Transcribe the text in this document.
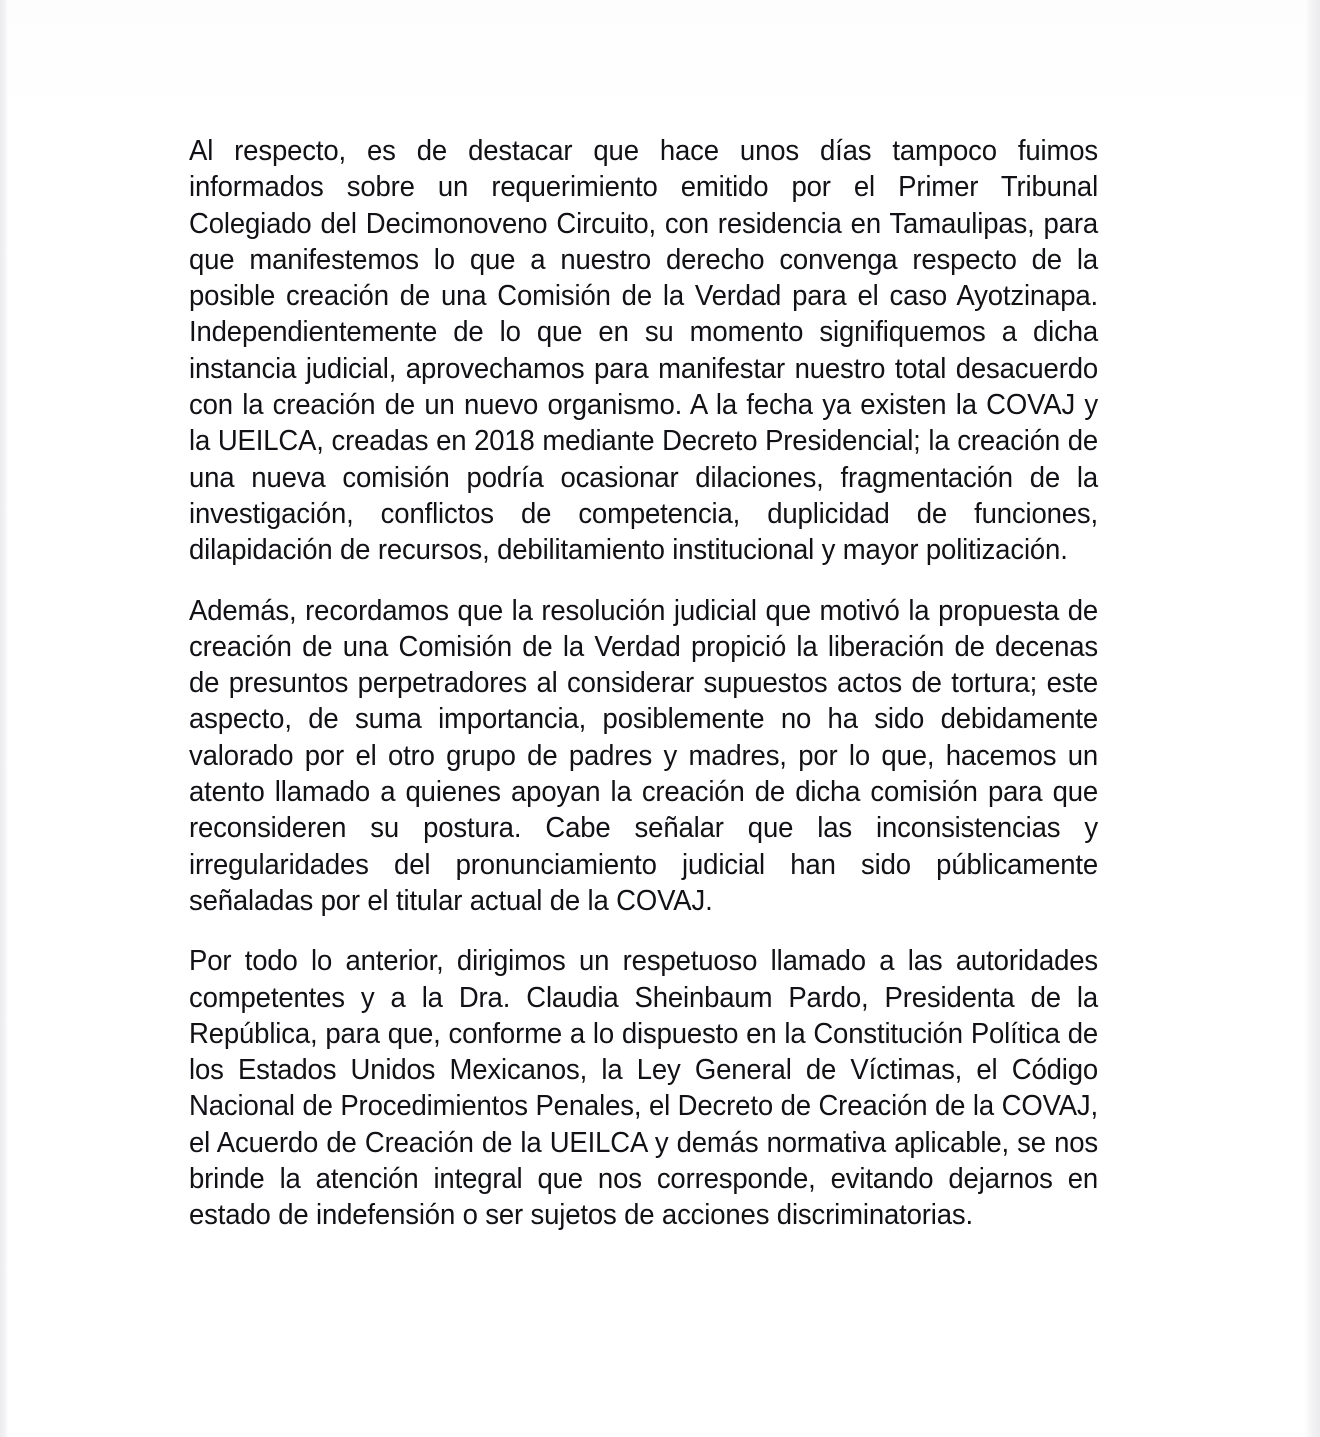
Al respecto, es de destacar que hace unos días tampoco fuimos informados sobre un requerimiento emitido por el Primer Tribunal Colegiado del Decimonoveno Circuito, con residencia en Tamaulipas, para que manifestemos lo que a nuestro derecho convenga respecto de la posible creación de una Comisión de la Verdad para el caso Ayotzinapa. Independientemente de lo que en su momento signifiquemos a dicha instancia judicial, aprovechamos para manifestar nuestro total desacuerdo con la creación de un nuevo organismo. A la fecha ya existen la COVAJ y la UEILCA, creadas en 2018 mediante Decreto Presidencial; la creación de una nueva comisión podría ocasionar dilaciones, fragmentación de la investigación, conflictos de competencia, duplicidad de funciones, dilapidación de recursos, debilitamiento institucional y mayor politización.

Además, recordamos que la resolución judicial que motivó la propuesta de creación de una Comisión de la Verdad propició la liberación de decenas de presuntos perpetradores al considerar supuestos actos de tortura; este aspecto, de suma importancia, posiblemente no ha sido debidamente valorado por el otro grupo de padres y madres, por lo que, hacemos un atento llamado a quienes apoyan la creación de dicha comisión para que reconsideren su postura. Cabe señalar que las inconsistencias y irregularidades del pronunciamiento judicial han sido públicamente señaladas por el titular actual de la COVAJ.

Por todo lo anterior, dirigimos un respetuoso llamado a las autoridades competentes y a la Dra. Claudia Sheinbaum Pardo, Presidenta de la República, para que, conforme a lo dispuesto en la Constitución Política de los Estados Unidos Mexicanos, la Ley General de Víctimas, el Código Nacional de Procedimientos Penales, el Decreto de Creación de la COVAJ, el Acuerdo de Creación de la UEILCA y demás normativa aplicable, se nos brinde la atención integral que nos corresponde, evitando dejarnos en estado de indefensión o ser sujetos de acciones discriminatorias.
